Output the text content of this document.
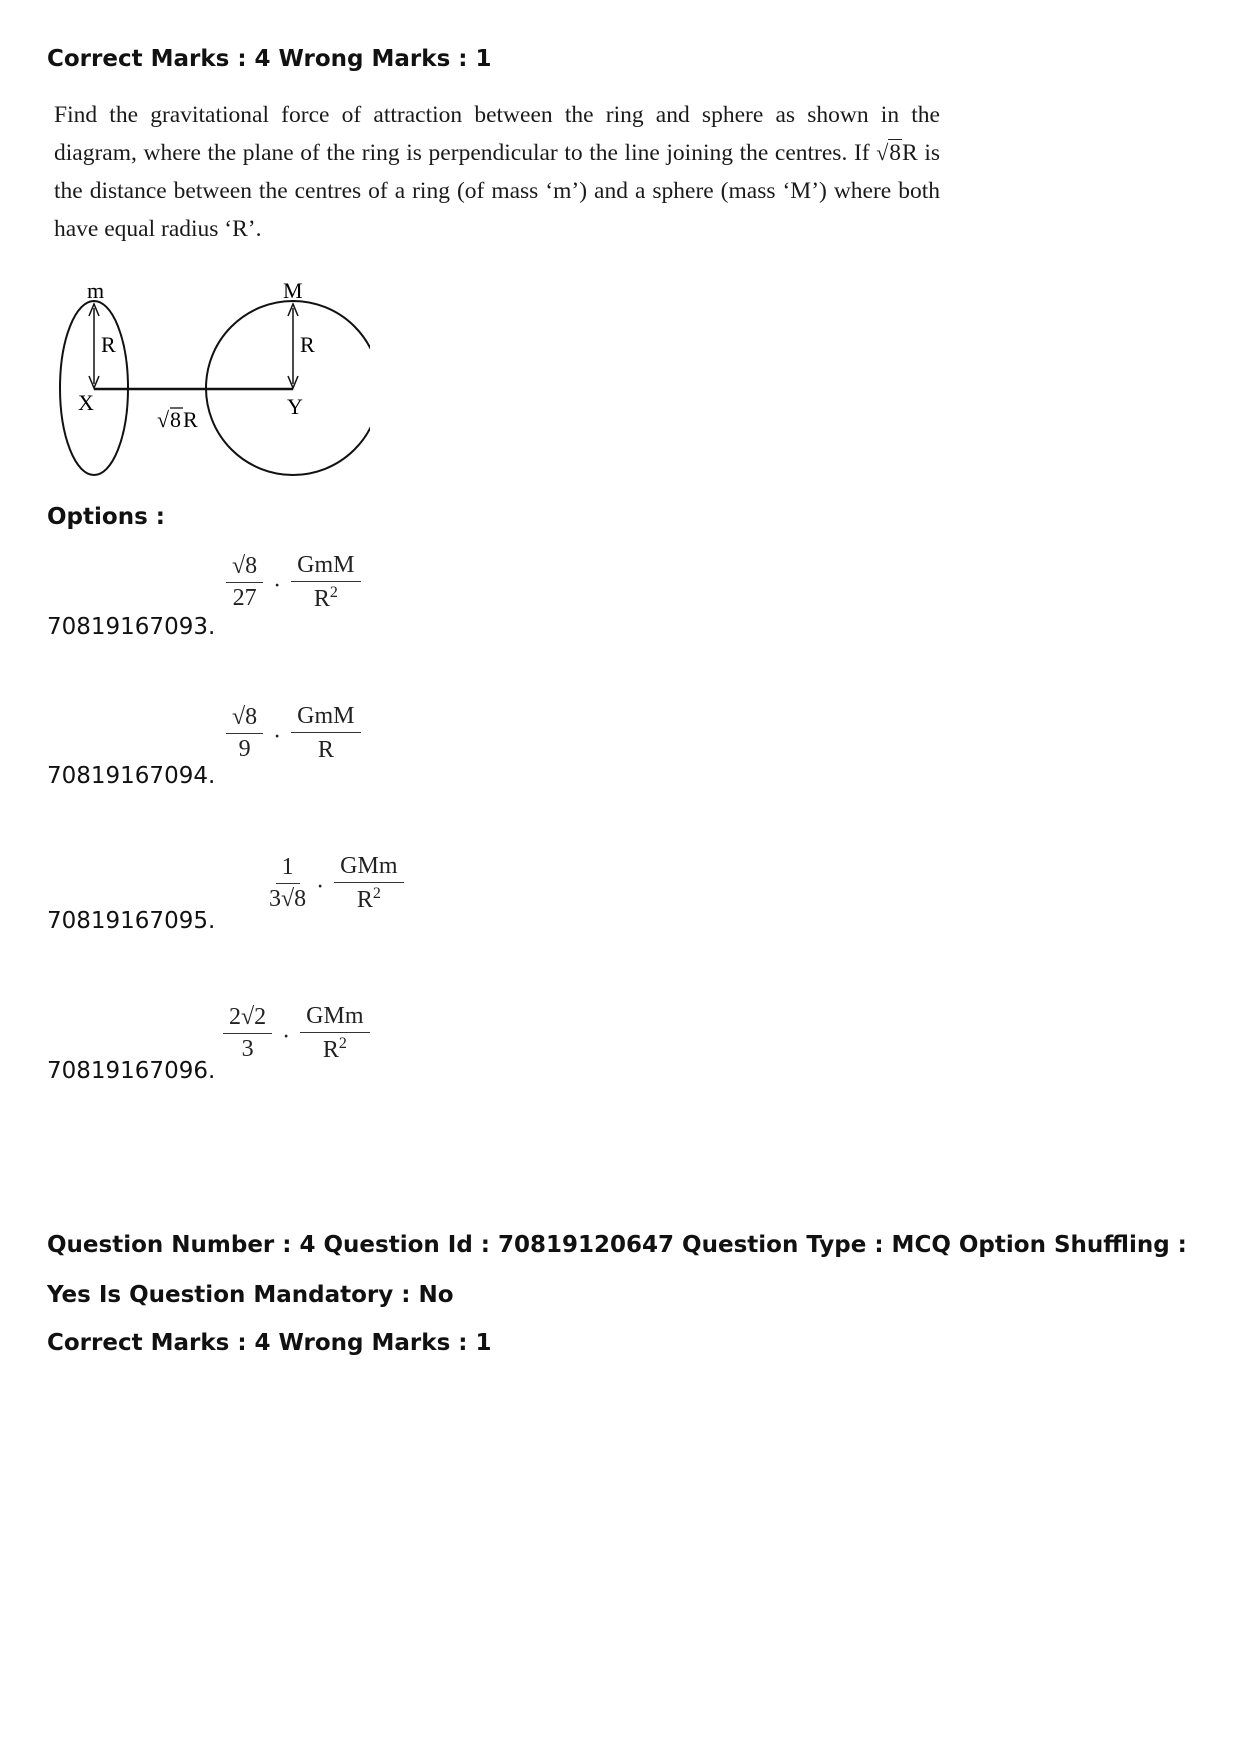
Correct Marks : 4 Wrong Marks : 1

Find the gravitational force of attraction between the ring and sphere as shown in the diagram, where the plane of the ring is perpendicular to the line joining the centres. If √8R is the distance between the centres of a ring (of mass ‘m’) and a sphere (mass ‘M’) where both have equal radius ‘R’.

m	M
R	R
X	Y
√ 8 R
Options :
70819167093.
$\frac{√8}{27} \cdot \frac{\text{GmM}}{R^2}$
70819167094.
$\frac{√8}{9} \cdot \frac{\text{GmM}}{R}$
70819167095.
$\frac{1}{3√8} \cdot \frac{\text{GMm}}{R^2}$
70819167096.
$\frac{2√2}{3} \cdot \frac{\text{GMm}}{R^2}$
Question Number : 4 Question Id : 70819120647 Question Type : MCQ Option Shuffling : Yes Is Question Mandatory : No
Correct Marks : 4 Wrong Marks : 1
